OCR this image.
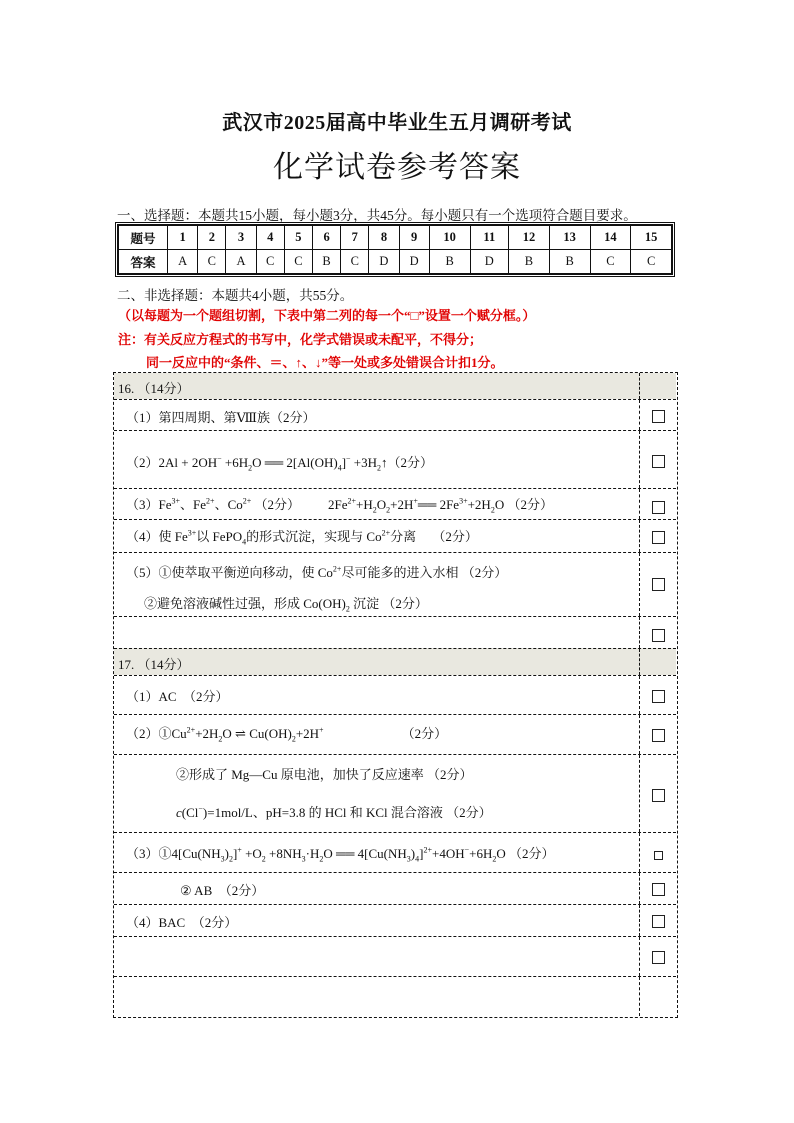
武汉市2025届高中毕业生五月调研考试
化学试卷参考答案
一、选择题：本题共15小题，每小题3分，共45分。每小题只有一个选项符合题目要求。
题号	1	2	3	4	5	6	7	8	9	10	11	12	13	14	15
答案	A	C	A	C	C	B	C	D	D	B	D	B	B	C	C
二、非选择题：本题共4小题，共55分。
（以每题为一个题组切割，下表中第二列的每一个“□”设置一个赋分框。）
注：有关反应方程式的书写中，化学式错误或未配平，不得分；
同一反应中的“条件、＝、↑、↓”等一处或多处错误合计扣1分。
16. （14分）
（1）第四周期、第Ⅷ族（2分）
$(2)2Al + 2OH^- +6H_2O$ ══ $2[Al(OH)_4]^-$ $+3H_2↑(2$分）
$(3)Fe^{3+}$、$Fe^{2+}$、$Co^{2+}$ （2分） $2Fe^{2+}+H_2O_2+2H^+══$ $2Fe^{3+}+2H_2O$ （2分）
（4）使 $Fe^{3+}$以 FePO$_4$的形式沉淀，实现与 $Co^{2+}$分离　 （2分）
（5）①使萃取平衡逆向移动，使 $Co^{2+}$尽可能多的进入水相 （2分）
②避免溶液碱性过强，形成 $Co(OH)_2$ 沉淀 （2分）
17. （14分）
（1）AC　（2分）
$(2)①Cu^{2+}+2H_2O$ ⇌ $Cu(OH)_2+2H^+$	（2分）
②形成了 Mg—Cu 原电池，加快了反应速率 （2分）
c(Cl−)=1mol/L、pH=3.8 的 HCl 和 KCl 混合溶液 （2分）
$(3)①4[Cu(NH_3)_2]^+ +O_2 +8NH_3\cdot H_2O$ ══ $4[Cu(NH_3)_4]^{2+}+4OH^-+6H_2O$ （2分）
② AB　（2分）
（4）BAC　（2分）
